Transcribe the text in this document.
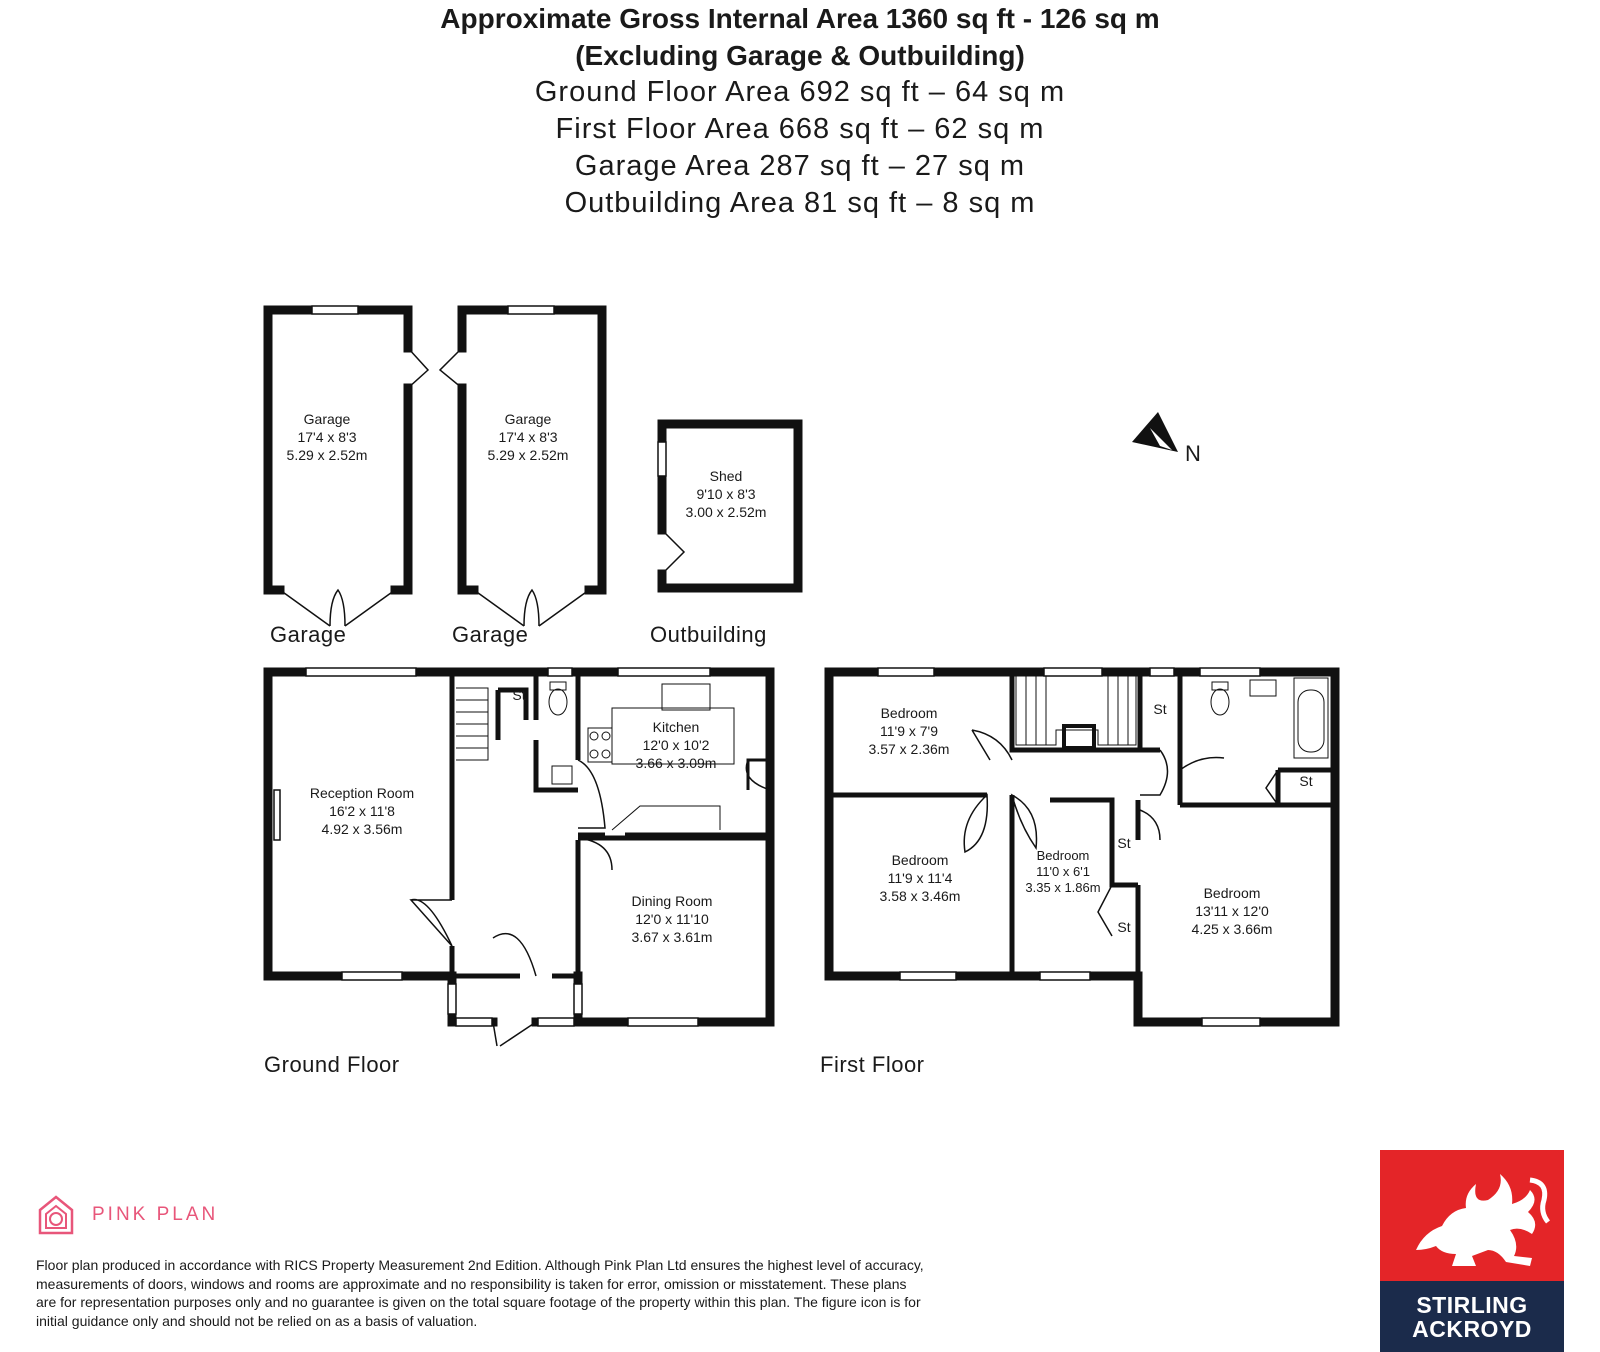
Approximate Gross Internal Area 1360 sq ft - 126 sq m
(Excluding Garage & Outbuilding)
Ground Floor Area 692 sq ft – 64 sq m
First Floor Area 668 sq ft – 62 sq m
Garage Area 287 sq ft – 27 sq m
Outbuilding Area 81 sq ft – 8 sq m
N
Garage	Garage	Outbuilding
Ground Floor	First Floor
Garage
17'4 x 8'3
5.29 x 2.52m
Garage
17'4 x 8'3
5.29 x 2.52m
Shed
9'10 x 8'3
3.00 x 2.52m
Reception Room
16'2 x 11'8
4.92 x 3.56m
Kitchen
12'0 x 10'2
3.66 x 3.09m
Dining Room
12'0 x 11'10
3.67 x 3.61m
Bedroom
11'9 x 7'9
3.57 x 2.36m
Bedroom
11'9 x 11'4
3.58 x 3.46m
Bedroom
11'0 x 6'1
3.35 x 1.86m	Bedroom
13'11 x 12'0
4.25 x 3.66m
St
St
St
St
St
PINK PLAN
Floor plan produced in accordance with RICS Property Measurement 2nd Edition. Although Pink Plan Ltd ensures the highest level of accuracy, measurements of doors, windows and rooms are approximate and no responsibility is taken for error, omission or misstatement. These plans are for representation purposes only and no guarantee is given on the total square footage of the property within this plan. The figure icon is for initial guidance only and should not be relied on as a basis of valuation.
STIRLING
ACKROYD
